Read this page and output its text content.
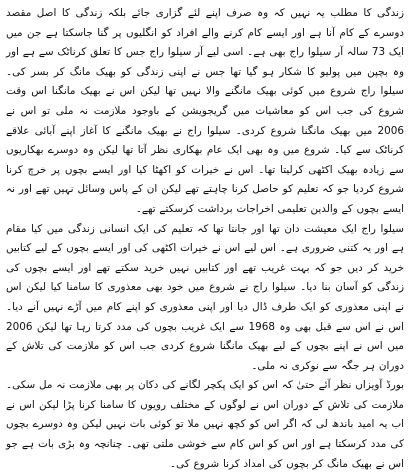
زندگی کا مطلب یہ نہیں کہ وہ صرف اپنے لئے گزاری جائے بلکہ زندگی کا اصل مقصد دوسرے کے کام آنا ہے اور ایسے کام کرنے والے افراد کو انگلیوں پر گنا جاسکتا ہے جن میں ایک 73 سالہ آر سیلوا راج بھی ہے۔ اسی لیے آر سیلوا راج جس کا تعلق کرناٹک سے ہے اور وہ بچپن میں پولیو کا شکار ہو گیا تھا جس نے اپنی زندگی کو بھیک مانگ کر بسر کی۔ سیلوا راج شروع میں کوئی بھیک مانگنے والا نہیں تھا لیکن اس نے بھیک مانگنا اس وقت شروع کی جب اس کو معاشیات میں گریجویشن کے باوجود ملازمت نہ ملی تو اس نے 2006 میں بھیک مانگنا شروع کردی۔ سیلوا راج نے بھیک مانگنے کا آغاز اپنے آبائی علاقے کرناٹک سے کیا۔ شروع میں وہ بھی ایک عام بھکاری نظر آتا تھا لیکن وہ دوسرے بھکاریوں سے زیادہ بھیک اکٹھی کرلیتا تھا۔ اس نے خیرات کو اکھٹا کیا اور ایسے بچوں پر خرچ کرنا شروع کردیا جو کہ تعلیم کو حاصل کرنا چاہتے تھے لیکن ان کے پاس وسائل نہیں تھے اور نہ ایسے بچوں کے والدین تعلیمی اخراجات برداشت کرسکتے تھے۔

سیلوا راج ایک معیشت دان تھا اور جانتا تھا کہ تعلیم کی ایک انسانی زندگی میں کیا مقام ہے اور یہ کتنی ضروری ہے۔ اس لیے اس نے خیرات اکٹھی کی اور ایسے بچوں کے لیے کتابیں خرید کر دیں جو کہ بہت غریب تھے اور کتابیں نہیں خرید سکتے تھے اور ایسے بچوں کی زندگی کو آسان بنا دیا۔ سیلوا راج نے شروع میں خود بھی معذوری کا سامنا کیا لیکن اس نے اپنی معذوری کو ایک طرف ڈال دیا اور اپنی معذوری کو اپنے کام میں آڑے نہیں آنے دیا۔ اس نے اس سے قبل بھی وہ 1968 سے ایک غریب بچوں کی مدد کرتا رہا تھا لیکن 2006 میں اس نے اپنے بچوں کے لیے بھیک مانگنا شروع کردی جب اس کو ملازمت کی تلاش کے دوران ہر جگہ سے نوکری نہ ملی۔

بورڈ آویزاں نظر آئے حتیٰ کہ اس کو ایک پکچر لگانے کی دکان پر بھی ملازمت نہ مل سکی۔ ملازمت کی تلاش کے دوران اس نے لوگوں کے مختلف رویوں کا سامنا کرنا پڑا لیکن اس نے اب یہ امید باندھ لی کہ اگر اس کو کچھ نہیں ملا تو کوئی بات نہیں لیکن وہ دوسرے بچوں کی مدد کرسکتا ہے اور اس کو اس کام سے خوشی ملتی تھی۔ چنانچہ وہ بڑی بات ہے جو اس نے بھیک مانگ کر بچوں کی امداد کرنا شروع کی۔
